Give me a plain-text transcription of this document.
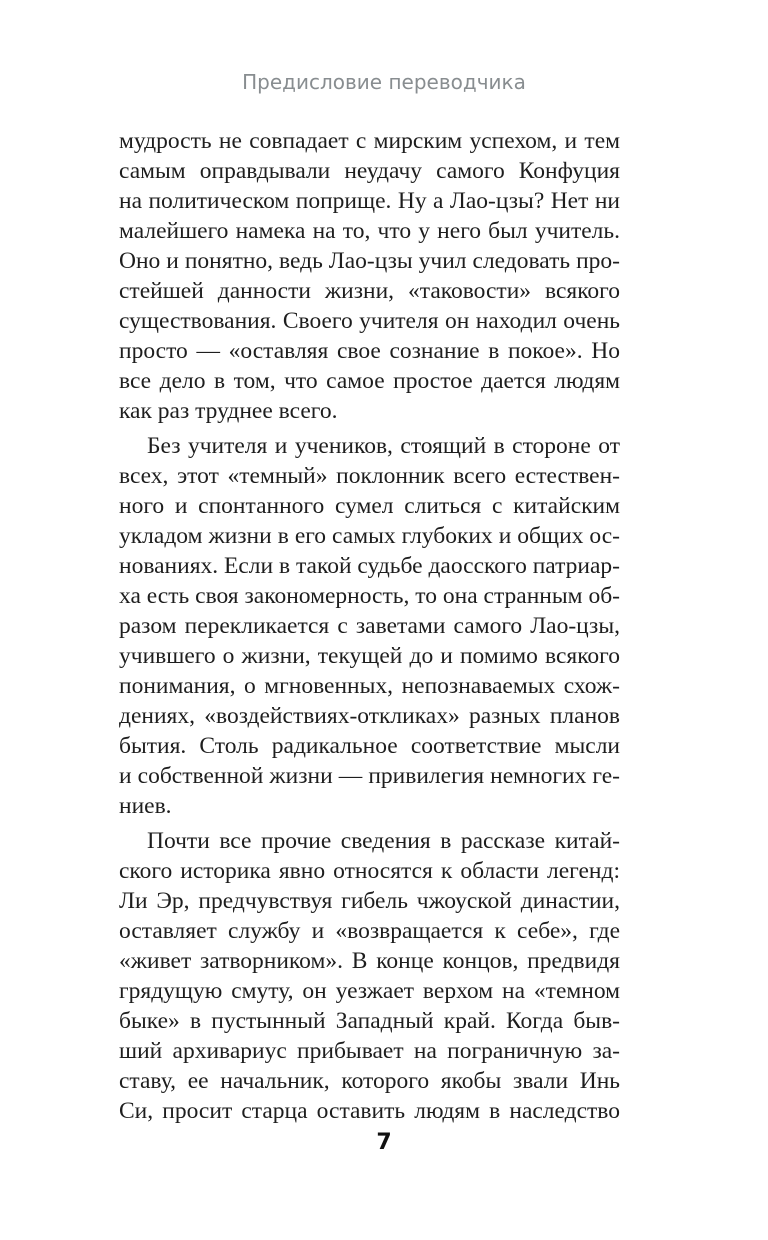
Предисловие переводчика
мудрость не совпадает с мирским успехом, и тем
самым оправдывали неудачу самого Конфуция
на политическом поприще. Ну а Лао-цзы? Нет ни
малейшего намека на то, что у него был учитель.
Оно и понятно, ведь Лао-цзы учил следовать про-
стейшей данности жизни, «таковости» всякого
существования. Своего учителя он находил очень
просто — «оставляя свое сознание в покое». Но
все дело в том, что самое простое дается людям
как раз труднее всего.
Без учителя и учеников, стоящий в стороне от
всех, этот «темный» поклонник всего естествен-
ного и спонтанного сумел слиться с китайским
укладом жизни в его самых глубоких и общих ос-
нованиях. Если в такой судьбе даосского патриар-
ха есть своя закономерность, то она странным об-
разом перекликается с заветами самого Лао-цзы,
учившего о жизни, текущей до и помимо всякого
понимания, о мгновенных, непознаваемых схож-
дениях, «воздействиях-откликах» разных планов
бытия. Столь радикальное соответствие мысли
и собственной жизни — привилегия немногих ге-
ниев.
Почти все прочие сведения в рассказе китай-
ского историка явно относятся к области легенд:
Ли Эр, предчувствуя гибель чжоуской династии,
оставляет службу и «возвращается к себе», где
«живет затворником». В конце концов, предвидя
грядущую смуту, он уезжает верхом на «темном
быке» в пустынный Западный край. Когда быв-
ший архивариус прибывает на пограничную за-
ставу, ее начальник, которого якобы звали Инь
Си, просит старца оставить людям в наследство
7
